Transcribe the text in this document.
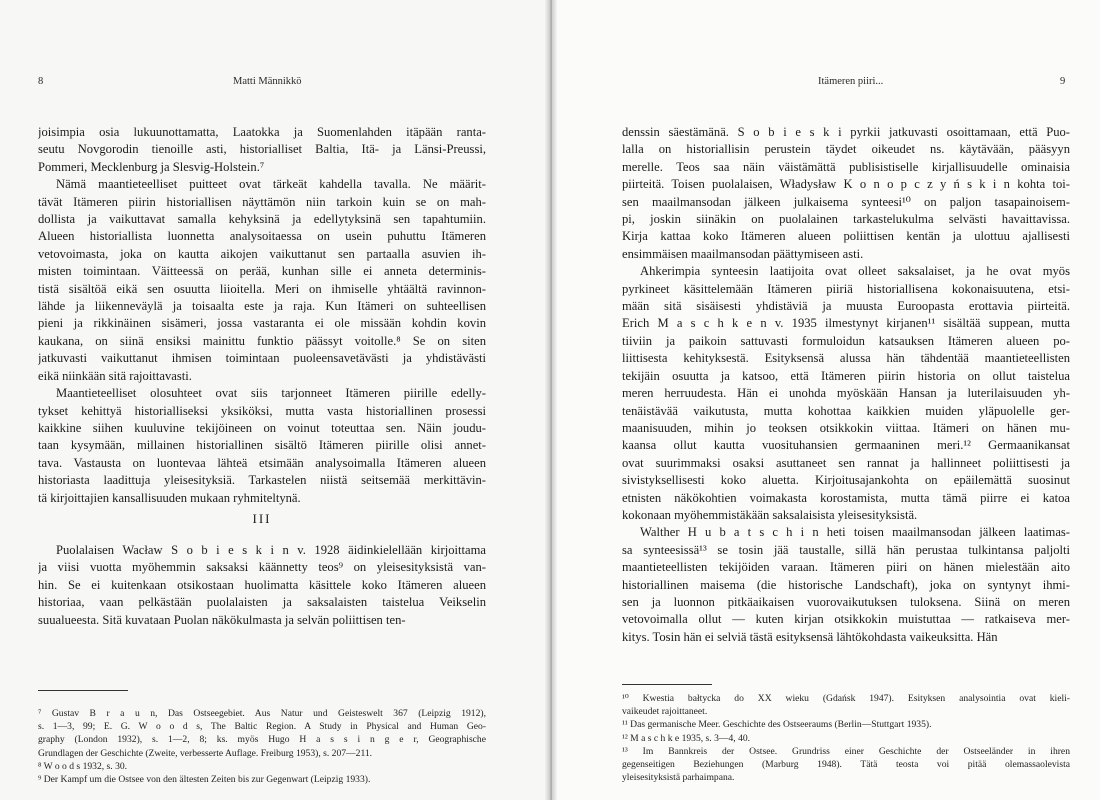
8	Matti Männikkö
joisimpia osia lukuunottamatta, Laatokka ja Suomenlahden itäpään ranta-
seutu Novgorodin tienoille asti, historialliset Baltia, Itä- ja Länsi-Preussi,
Pommeri, Mecklenburg ja Slesvig-Holstein.⁷
Nämä maantieteelliset puitteet ovat tärkeät kahdella tavalla. Ne määrit-
tävät Itämeren piirin historiallisen näyttämön niin tarkoin kuin se on mah-
dollista ja vaikuttavat samalla kehyksinä ja edellytyksinä sen tapahtumiin.
Alueen historiallista luonnetta analysoitaessa on usein puhuttu Itämeren
vetovoimasta, joka on kautta aikojen vaikuttanut sen partaalla asuvien ih-
misten toimintaan. Väitteessä on perää, kunhan sille ei anneta determinis-
tistä sisältöä eikä sen osuutta liioitella. Meri on ihmiselle yhtäältä ravinnon-
lähde ja liikenneväylä ja toisaalta este ja raja. Kun Itämeri on suhteellisen
pieni ja rikkinäinen sisämeri, jossa vastaranta ei ole missään kohdin kovin
kaukana, on siinä ensiksi mainittu funktio päässyt voitolle.⁸ Se on siten
jatkuvasti vaikuttanut ihmisen toimintaan puoleensavetävästi ja yhdistävästi
eikä niinkään sitä rajoittavasti.
Maantieteelliset olosuhteet ovat siis tarjonneet Itämeren piirille edelly-
tykset kehittyä historialliseksi yksiköksi, mutta vasta historiallinen prosessi
kaikkine siihen kuuluvine tekijöineen on voinut toteuttaa sen. Näin joudu-
taan kysymään, millainen historiallinen sisältö Itämeren piirille olisi annet-
tava. Vastausta on luontevaa lähteä etsimään analysoimalla Itämeren alueen
historiasta laadittuja yleisesityksiä. Tarkastelen niistä seitsemää merkittävin-
tä kirjoittajien kansallisuuden mukaan ryhmiteltynä.
III
Puolalaisen Wacław S o b i e s k i n v. 1928 äidinkielellään kirjoittama
ja viisi vuotta myöhemmin saksaksi käännetty teos⁹ on yleisesityksistä van-
hin. Se ei kuitenkaan otsikostaan huolimatta käsittele koko Itämeren alueen
historiaa, vaan pelkästään puolalaisten ja saksalaisten taistelua Veikselin
suualueesta. Sitä kuvataan Puolan näkökulmasta ja selvän poliittisen ten-
⁷ Gustav B r a u n, Das Ostseegebiet. Aus Natur und Geisteswelt 367 (Leipzig 1912),
s. 1—3, 99; E. G. W o o d s, The Baltic Region. A Study in Physical and Human Geo-
graphy (London 1932), s. 1—2, 8; ks. myös Hugo H a s s i n g e r, Geographische
Grundlagen der Geschichte (Zweite, verbesserte Auflage. Freiburg 1953), s. 207—211.
⁸ W o o d s 1932, s. 30.
⁹ Der Kampf um die Ostsee von den ältesten Zeiten bis zur Gegenwart (Leipzig 1933).
Itämeren piiri...	9
denssin säestämänä. S o b i e s k i pyrkii jatkuvasti osoittamaan, että Puo-
lalla on historiallisin perustein täydet oikeudet ns. käytävään, pääsyyn
merelle. Teos saa näin väistämättä publisistiselle kirjallisuudelle ominaisia
piirteitä. Toisen puolalaisen, Władysław K o n o p c z y ń s k i n kohta toi-
sen maailmansodan jälkeen julkaisema synteesi¹⁰ on paljon tasapainoisem-
pi, joskin siinäkin on puolalainen tarkastelukulma selvästi havaittavissa.
Kirja kattaa koko Itämeren alueen poliittisen kentän ja ulottuu ajallisesti
ensimmäisen maailmansodan päättymiseen asti.
Ahkerimpia synteesin laatijoita ovat olleet saksalaiset, ja he ovat myös
pyrkineet käsittelemään Itämeren piiriä historiallisena kokonaisuutena, etsi-
mään sitä sisäisesti yhdistäviä ja muusta Euroopasta erottavia piirteitä.
Erich M a s c h k e n v. 1935 ilmestynyt kirjanen¹¹ sisältää suppean, mutta
tiiviin ja paikoin sattuvasti formuloidun katsauksen Itämeren alueen po-
liittisesta kehityksestä. Esityksensä alussa hän tähdentää maantieteellisten
tekijäin osuutta ja katsoo, että Itämeren piirin historia on ollut taistelua
meren herruudesta. Hän ei unohda myöskään Hansan ja luterilaisuuden yh-
tenäistävää vaikutusta, mutta kohottaa kaikkien muiden yläpuolelle ger-
maanisuuden, mihin jo teoksen otsikkokin viittaa. Itämeri on hänen mu-
kaansa ollut kautta vuosituhansien germaaninen meri.¹² Germaanikansat
ovat suurimmaksi osaksi asuttaneet sen rannat ja hallinneet poliittisesti ja
sivistyksellisesti koko aluetta. Kirjoitusajankohta on epäilemättä suosinut
etnisten näkökohtien voimakasta korostamista, mutta tämä piirre ei katoa
kokonaan myöhemmistäkään saksalaisista yleisesityksistä.
Walther H u b a t s c h i n heti toisen maailmansodan jälkeen laatimas-
sa synteesissä¹³ se tosin jää taustalle, sillä hän perustaa tulkintansa paljolti
maantieteellisten tekijöiden varaan. Itämeren piiri on hänen mielestään aito
historiallinen maisema (die historische Landschaft), joka on syntynyt ihmi-
sen ja luonnon pitkäaikaisen vuorovaikutuksen tuloksena. Siinä on meren
vetovoimalla ollut — kuten kirjan otsikkokin muistuttaa — ratkaiseva mer-
kitys. Tosin hän ei selviä tästä esityksensä lähtökohdasta vaikeuksitta. Hän
¹⁰ Kwestia bałtycka do XX wieku (Gdańsk 1947). Esityksen analysointia ovat kieli-
vaikeudet rajoittaneet.
¹¹ Das germanische Meer. Geschichte des Ostseeraums (Berlin—Stuttgart 1935).
¹² M a s c h k e 1935, s. 3—4, 40.
¹³ Im Bannkreis der Ostsee. Grundriss einer Geschichte der Ostseeländer in ihren
gegenseitigen Beziehungen (Marburg 1948). Tätä teosta voi pitää olemassaolevista
yleisesityksistä parhaimpana.
